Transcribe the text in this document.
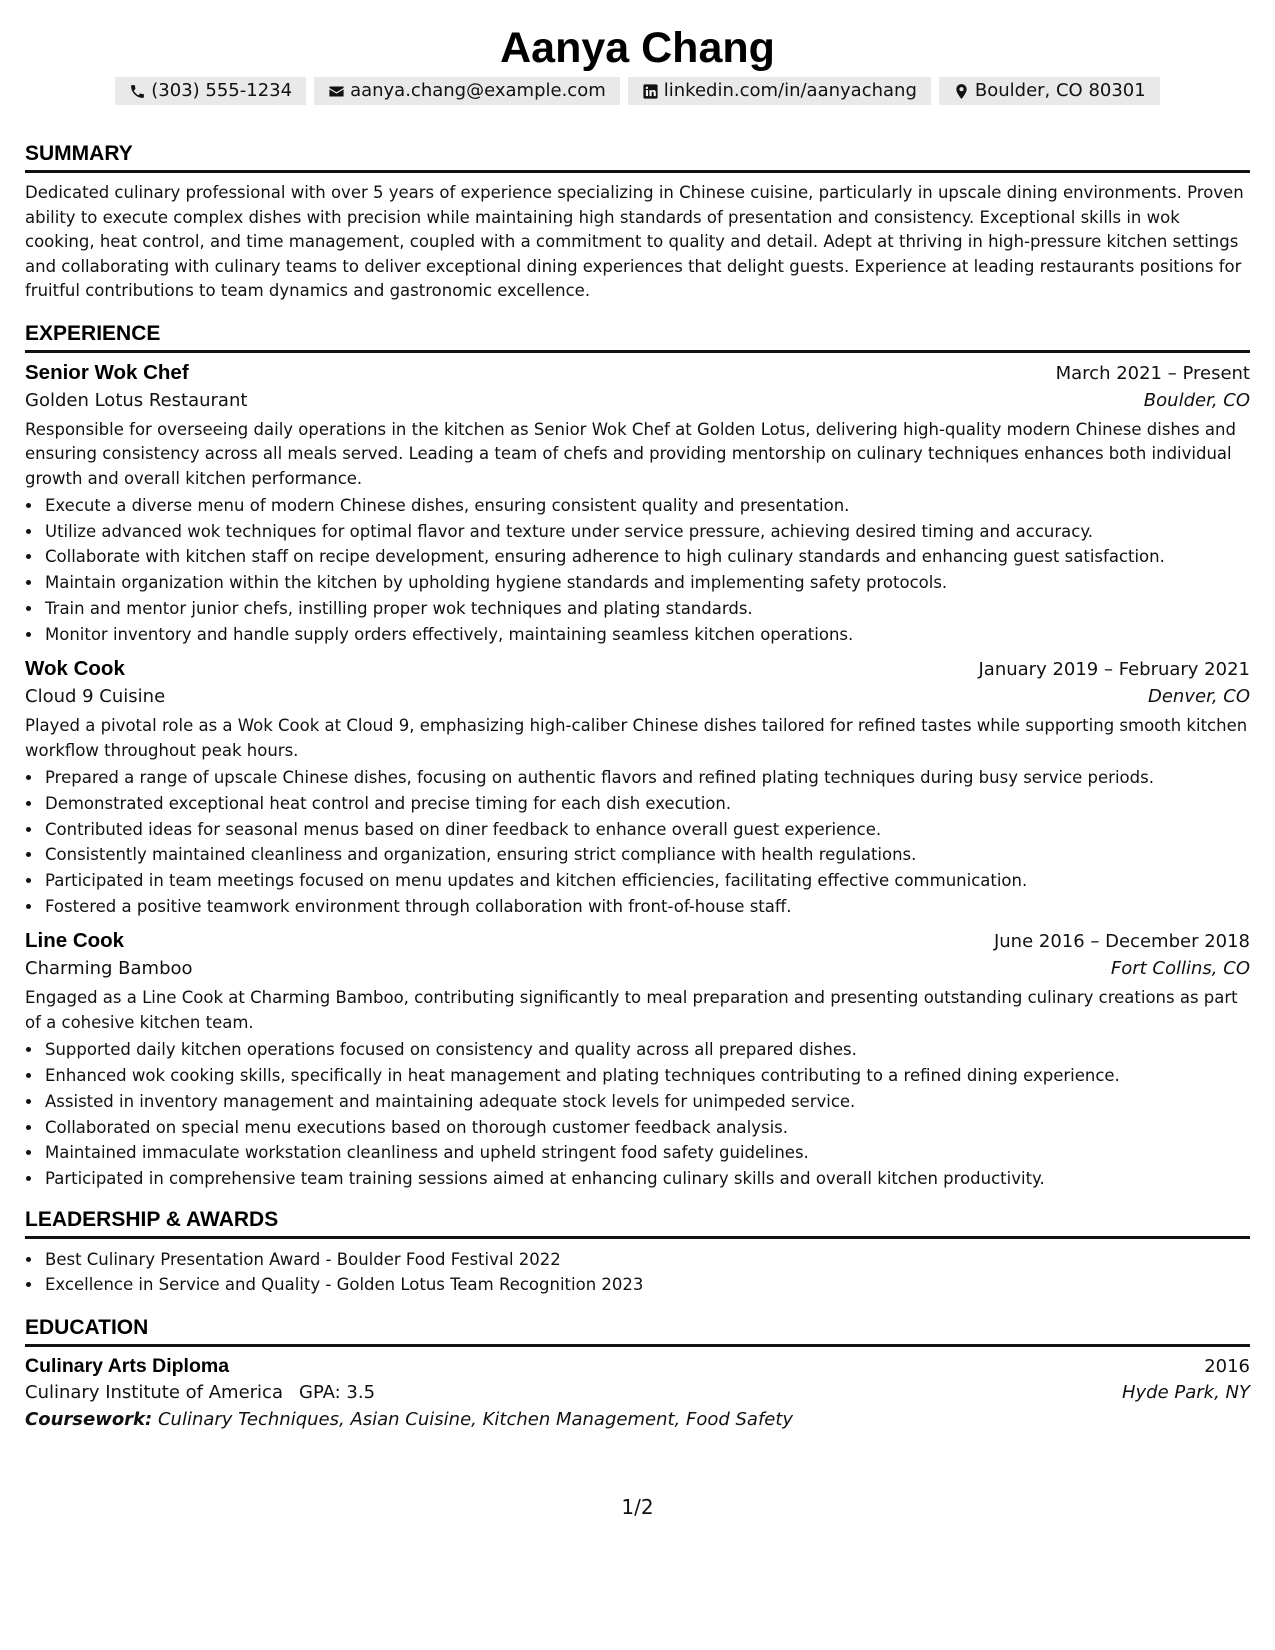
Aanya Chang
(303) 555-1234	aanya.chang@example.com	linkedin.com/in/aanyachang	Boulder, CO 80301
SUMMARY

Dedicated culinary professional with over 5 years of experience specializing in Chinese cuisine, particularly in upscale dining environments. Proven ability to execute complex dishes with precision while maintaining high standards of presentation and consistency. Exceptional skills in wok cooking, heat control, and time management, coupled with a commitment to quality and detail. Adept at thriving in high-pressure kitchen settings and collaborating with culinary teams to deliver exceptional dining experiences that delight guests. Experience at leading restaurants positions for fruitful contributions to team dynamics and gastronomic excellence.

EXPERIENCE
Senior Wok Chef	March 2021 – Present
Golden Lotus Restaurant	Boulder, CO

Responsible for overseeing daily operations in the kitchen as Senior Wok Chef at Golden Lotus, delivering high-quality modern Chinese dishes and ensuring consistency across all meals served. Leading a team of chefs and providing mentorship on culinary techniques enhances both individual growth and overall kitchen performance.

• Execute a diverse menu of modern Chinese dishes, ensuring consistent quality and presentation.
• Utilize advanced wok techniques for optimal flavor and texture under service pressure, achieving desired timing and accuracy.
• Collaborate with kitchen staff on recipe development, ensuring adherence to high culinary standards and enhancing guest satisfaction.
• Maintain organization within the kitchen by upholding hygiene standards and implementing safety protocols.
• Train and mentor junior chefs, instilling proper wok techniques and plating standards.
• Monitor inventory and handle supply orders effectively, maintaining seamless kitchen operations.
Wok Cook	January 2019 – February 2021
Cloud 9 Cuisine	Denver, CO

Played a pivotal role as a Wok Cook at Cloud 9, emphasizing high-caliber Chinese dishes tailored for refined tastes while supporting smooth kitchen workflow throughout peak hours.

• Prepared a range of upscale Chinese dishes, focusing on authentic flavors and refined plating techniques during busy service periods.
• Demonstrated exceptional heat control and precise timing for each dish execution.
• Contributed ideas for seasonal menus based on diner feedback to enhance overall guest experience.
• Consistently maintained cleanliness and organization, ensuring strict compliance with health regulations.
• Participated in team meetings focused on menu updates and kitchen efficiencies, facilitating effective communication.
• Fostered a positive teamwork environment through collaboration with front-of-house staff.
Line Cook	June 2016 – December 2018
Charming Bamboo	Fort Collins, CO

Engaged as a Line Cook at Charming Bamboo, contributing significantly to meal preparation and presenting outstanding culinary creations as part of a cohesive kitchen team.

• Supported daily kitchen operations focused on consistency and quality across all prepared dishes.
• Enhanced wok cooking skills, specifically in heat management and plating techniques contributing to a refined dining experience.
• Assisted in inventory management and maintaining adequate stock levels for unimpeded service.
• Collaborated on special menu executions based on thorough customer feedback analysis.
• Maintained immaculate workstation cleanliness and upheld stringent food safety guidelines.
• Participated in comprehensive team training sessions aimed at enhancing culinary skills and overall kitchen productivity.
LEADERSHIP & AWARDS
• Best Culinary Presentation Award - Boulder Food Festival 2022
• Excellence in Service and Quality - Golden Lotus Team Recognition 2023
EDUCATION
Culinary Arts Diploma	2016
Culinary Institute of America GPA: 3.5	Hyde Park, NY
Coursework: Culinary Techniques, Asian Cuisine, Kitchen Management, Food Safety
1/2
